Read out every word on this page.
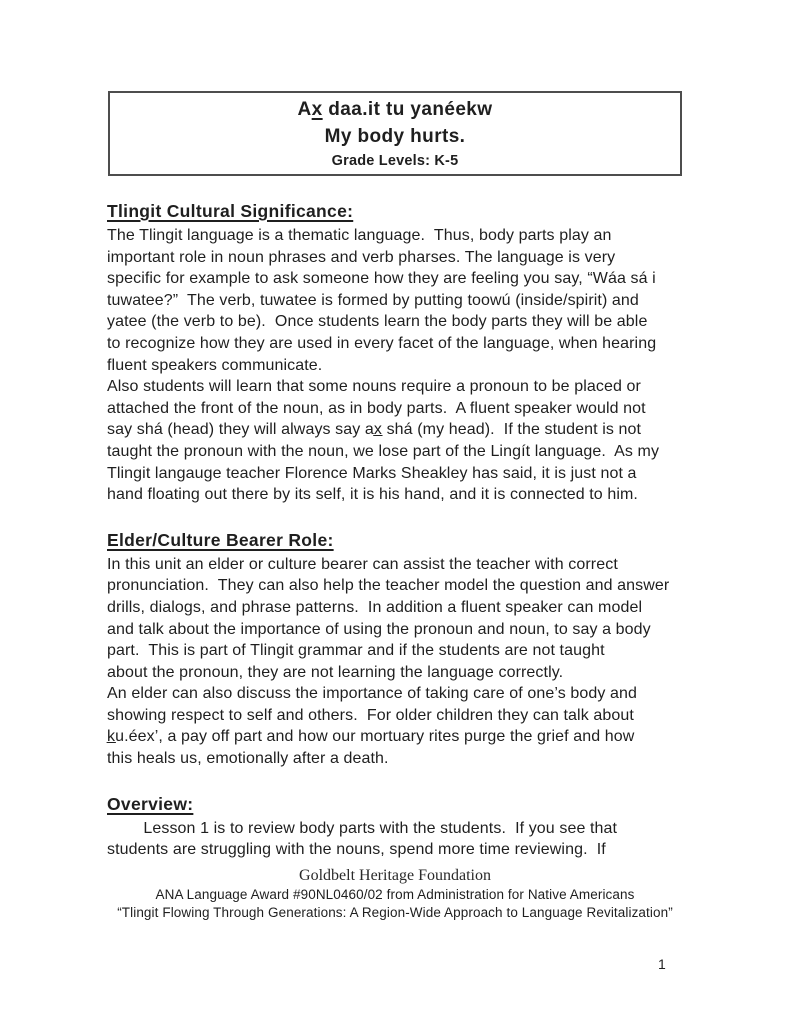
Ax daa.it tu yanéekw
My body hurts.
Grade Levels: K-5
Tlingit Cultural Significance:
The Tlingit language is a thematic language.  Thus, body parts play an
important role in noun phrases and verb pharses. The language is very
specific for example to ask someone how they are feeling you say, “Wáa sá i
tuwatee?”  The verb, tuwatee is formed by putting toowú (inside/spirit) and
yatee (the verb to be).  Once students learn the body parts they will be able
to recognize how they are used in every facet of the language, when hearing
fluent speakers communicate.
Also students will learn that some nouns require a pronoun to be placed or
attached the front of the noun, as in body parts.  A fluent speaker would not
say shá (head) they will always say ax̲ shá (my head).  If the student is not
taught the pronoun with the noun, we lose part of the Lingít language.  As my
Tlingit langauge teacher Florence Marks Sheakley has said, it is just not a
hand floating out there by its self, it is his hand, and it is connected to him.
Elder/Culture Bearer Role:
In this unit an elder or culture bearer can assist the teacher with correct
pronunciation.  They can also help the teacher model the question and answer
drills, dialogs, and phrase patterns.  In addition a fluent speaker can model
and talk about the importance of using the pronoun and noun, to say a body
part.  This is part of Tlingit grammar and if the students are not taught
about the pronoun, they are not learning the language correctly.
An elder can also discuss the importance of taking care of one’s body and
showing respect to self and others.  For older children they can talk about
k̲u.éex’, a pay off part and how our mortuary rites purge the grief and how
this heals us, emotionally after a death.
Overview:
Lesson 1 is to review body parts with the students.  If you see that
students are struggling with the nouns, spend more time reviewing.  If
Goldbelt Heritage Foundation
ANA Language Award #90NL0460/02 from Administration for Native Americans
“Tlingit Flowing Through Generations: A Region-Wide Approach to Language Revitalization”
1
